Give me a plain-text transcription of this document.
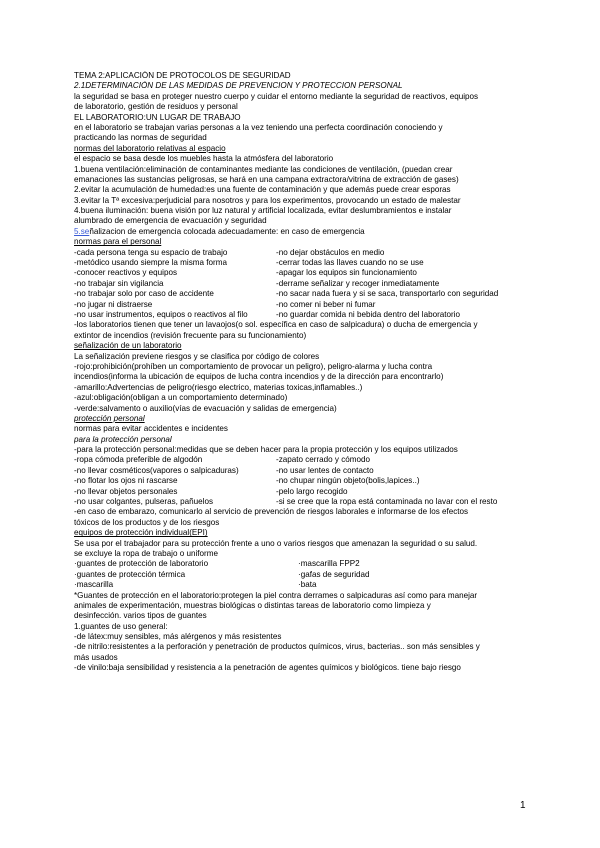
TEMA 2:APLICACIÓN DE PROTOCOLOS DE SEGURIDAD
2.1DETERMINACIÓN DE LAS MEDIDAS DE PREVENCION Y PROTECCION PERSONAL
la seguridad se basa en proteger nuestro cuerpo y cuidar el entorno mediante la seguridad de reactivos, equipos
de laboratorio, gestión de residuos y personal
EL LABORATORIO:UN LUGAR DE TRABAJO
en el laboratorio se trabajan varias personas a la vez teniendo una perfecta coordinación conociendo y
practicando las normas de seguridad
normas del laboratorio relativas al espacio
el espacio se basa desde los muebles hasta la atmósfera del laboratorio
1.buena ventilación:eliminación de contaminantes mediante las condiciones de ventilación, (puedan crear
emanaciones las sustancias peligrosas, se hará en una campana extractora/vitrina de extracción de gases)
2.evitar la acumulación de humedad:es una fuente de contaminación y que además puede crear esporas
3.evitar la Tª excesiva:perjudicial para nosotros y para los experimentos, provocando un estado de malestar
4.buena iluminación: buena visión por luz natural y artificial localizada, evitar deslumbramientos e instalar
alumbrado de emergencia de evacuación y seguridad
5.señalizacion de emergencia colocada adecuadamente: en caso de emergencia
normas para el personal
-cada persona tenga su espacio de trabajo	-no dejar obstáculos en medio
-metódico usando siempre la misma forma	-cerrar todas las llaves cuando no se use
-conocer reactivos y equipos	-apagar los equipos sin funcionamiento
-no trabajar sin vigilancia	-derrame señalizar y recoger inmediatamente
-no trabajar solo por caso de accidente	-no sacar nada fuera y si se saca, transportarlo con seguridad
-no jugar ni distraerse	-no comer ni beber ni fumar
-no usar instrumentos, equipos o reactivos al filo	-no guardar comida ni bebida dentro del laboratorio
-los laboratorios tienen que tener un lavaojos(o sol. específica en caso de salpicadura) o ducha de emergencia y
extintor de incendios (revisión frecuente para su funcionamiento)
señalización de un laboratorio
La señalización previene riesgos y se clasifica por código de colores
-rojo:prohibición(prohíben un comportamiento de provocar un peligro), peligro-alarma y lucha contra
incendios(informa la ubicación de equipos de lucha contra incendios y de la dirección para encontrarlo)
-amarillo:Advertencias de peligro(riesgo electrico, materias toxicas,inflamables..)
-azul:obligación(obligan a un comportamiento determinado)
-verde:salvamento o auxilio(vías de evacuación y salidas de emergencia)
protección personal
normas para evitar accidentes e incidentes
para la protección personal
-para la protección personal:medidas que se deben hacer para la propia protección y los equipos utilizados
-ropa cómoda preferible de algodón	-zapato cerrado y cómodo
-no llevar cosméticos(vapores o salpicaduras)	-no usar lentes de contacto
-no flotar los ojos ni rascarse	-no chupar ningún objeto(bolis,lapices..)
-no llevar objetos personales	-pelo largo recogido
-no usar colgantes, pulseras, pañuelos	-si se cree que la ropa está contaminada no lavar con el resto
-en caso de embarazo, comunicarlo al servicio de prevención de riesgos laborales e informarse de los efectos
tóxicos de los productos y de los riesgos
equipos de protección individual(EPI)
Se usa por el trabajador para su protección frente a uno o varios riesgos que amenazan la seguridad o su salud.
se excluye la ropa de trabajo o uniforme
·guantes de protección de laboratorio	·mascarilla FPP2
·guantes de protección térmica	·gafas de seguridad
·mascarilla	·bata
*Guantes de protección en el laboratorio:protegen la piel contra derrames o salpicaduras así como para manejar
animales de experimentación, muestras biológicas o distintas tareas de laboratorio como limpieza y
desinfección. varios tipos de guantes
1.guantes de uso general:
-de látex:muy sensibles, más alérgenos y más resistentes
-de nitrilo:resistentes a la perforación y penetración de productos químicos, virus, bacterias.. son más sensibles y
más usados
-de vinilo:baja sensibilidad y resistencia a la penetración de agentes químicos y biológicos. tiene bajo riesgo
1
